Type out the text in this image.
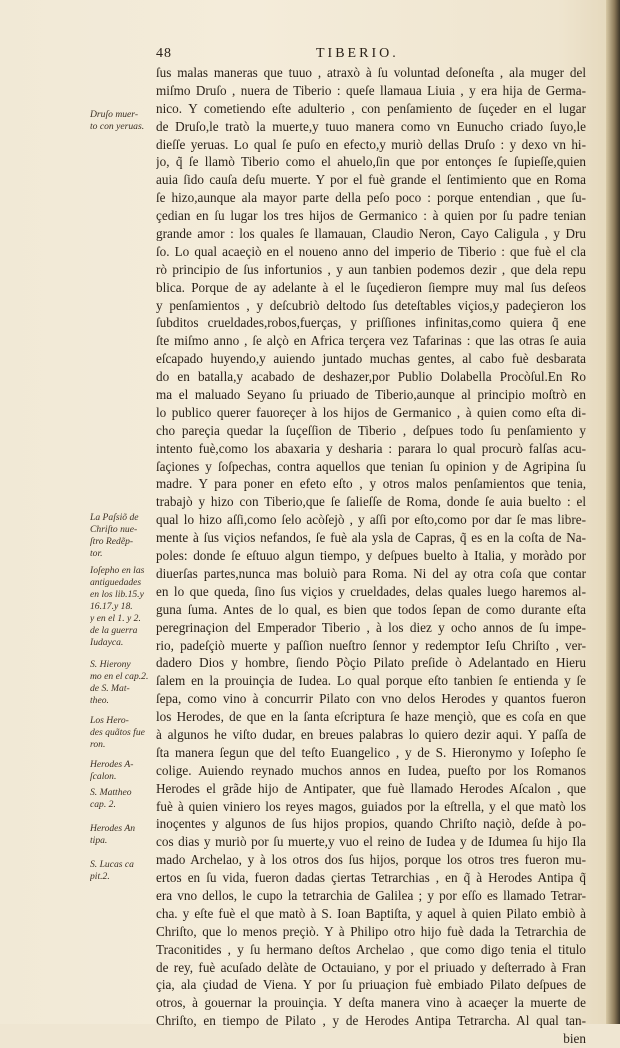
48	TIBERIO.
ſus malas maneras que tuuo , atraxò à ſu voluntad deſoneſta , ala muger del
miſmo Druſo , nuera de Tiberio : queſe llamaua Liuia , y era hija de Germa-
nico. Y cometiendo eſte adulterio , con penſamiento de ſuçeder en el lugar
de Druſo,le tratò la muerte,y tuuo manera como vn Eunucho criado ſuyo,le
dieſſe yeruas. Lo qual ſe puſo en efecto,y muriò dellas Druſo : y dexo vn hi-
jo, q̃ ſe llamò Tiberio como el ahuelo,ſin que por entonçes ſe ſupieſſe,quien
auia ſido cauſa deſu muerte. Y por el fuè grande el ſentimiento que en Roma
ſe hizo,aunque ala mayor parte della peſo poco : porque entendian , que ſu-
çedian en ſu lugar los tres hijos de Germanico : à quien por ſu padre tenian
grande amor : los quales ſe llamauan, Claudio Neron, Cayo Caligula , y Dru
ſo. Lo qual acaeçiò en el noueno anno del imperio de Tiberio : que fuè el cla
rò principio de ſus infortunios , y aun tanbien podemos dezir , que dela repu
blica. Porque de ay adelante à el le ſuçedieron ſiempre muy mal ſus deſeos
y penſamientos , y deſcubriò deltodo ſus deteſtables viçios,y padeçieron los
ſubditos crueldades,robos,fuerças, y priſſiones infinitas,como quiera q̃ ene
ſte miſmo anno , ſe alçò en Africa terçera vez Tafarinas : que las otras ſe auia
eſcapado huyendo,y auiendo juntado muchas gentes, al cabo fuè desbarata
do en batalla,y acabado de deshazer,por Publio Dolabella Procòſul.En Ro
ma el maluado Seyano ſu priuado de Tiberio,aunque al principio moſtrò en
lo publico querer fauoreçer à los hijos de Germanico , à quien como eſta di-
cho pareçia quedar la ſuçeſſion de Tiberio , deſpues todo ſu penſamiento y
intento fuè,como los abaxaria y desharia : parara lo qual procurò falſas acu-
ſaçiones y ſoſpechas, contra aquellos que tenian ſu opinion y de Agripina ſu
madre. Y para poner en efeto eſto , y otros malos penſamientos que tenia,
trabajò y hizo con Tiberio,que ſe ſalieſſe de Roma, donde ſe auia buelto : el
qual lo hizo aſſi,como ſelo acòſejò , y aſſi por eſto,como por dar ſe mas libre-
mente à ſus viçios nefandos, ſe fuè ala ysla de Capras, q̃ es en la coſta de Na-
poles: donde ſe eſtuuo algun tiempo, y deſpues buelto à Italia, y moràdo por
diuerſas partes,nunca mas boluiò para Roma. Ni del ay otra coſa que contar
en lo que queda, ſino ſus viçios y crueldades, delas quales luego haremos al-
guna ſuma. Antes de lo qual, es bien que todos ſepan de como durante eſta
peregrinaçion del Emperador Tiberio , à los diez y ocho annos de ſu impe-
rio, padeſçiò muerte y paſſion nueſtro ſennor y redemptor Ieſu Chriſto , ver-
dadero Dios y hombre, ſiendo Pòçio Pilato preſide ò Adelantado en Hieru
ſalem en la prouinçia de Iudea. Lo qual porque eſto tanbien ſe entienda y ſe
ſepa, como vino à concurrir Pilato con vno delos Herodes y quantos fueron
los Herodes, de que en la ſanta eſcriptura ſe haze mençiò, que es coſa en que
à algunos he viſto dudar, en breues palabras lo quiero dezir aqui. Y paſſa de
ſta manera ſegun que del teſto Euangelico , y de S. Hieronymo y Ioſepho ſe
colige. Auiendo reynado muchos annos en Iudea, pueſto por los Romanos
Herodes el grãde hijo de Antipater, que fuè llamado Herodes Aſcalon , que
fuè à quien viniero los reyes magos, guiados por la eſtrella, y el que matò los
inoçentes y algunos de ſus hijos propios, quando Chriſto naçiò, deſde à po-
cos dias y muriò por ſu muerte,y vuo el reino de Iudea y de Idumea ſu hijo Ila
mado Archelao, y à los otros dos ſus hijos, porque los otros tres fueron mu-
ertos en ſu vida, fueron dadas çiertas Tetrarchias , en q̃ à Herodes Antipa q̃
era vno dellos, le cupo la tetrarchia de Galilea ; y por eſſo es llamado Tetrar-
cha. y eſte fuè el que matò à S. Ioan Baptiſta, y aquel à quien Pilato embiò à
Chriſto, que lo menos preçiò. Y à Philipo otro hijo fuè dada la Tetrarchia de
Traconitides , y ſu hermano deſtos Archelao , que como digo tenia el titulo
de rey, fuè acuſado delàte de Octauiano, y por el priuado y deſterrado à Fran
çia, ala çiudad de Viena. Y por ſu priuaçion fuè embiado Pilato deſpues de
otros, à gouernar la prouinçia. Y deſta manera vino à acaeçer la muerte de
Chriſto, en tiempo de Pilato , y de Herodes Antipa Tetrarcha. Al qual tan-
bien
Druſo muer-
to con yeruas.
La Paſsiõ de
Chriſto nue-
ſtro Redẽp-
tor.
Ioſepho en las
antiguedades
en los lib.15.y
16.17.y 18.
y en el 1. y 2.
de la guerra
Iudayca.
S. Hierony
mo en el cap.2.
de S. Mat-
theo.
Los Hero-
des quãtos fue
ron.
Herodes A-
ſcalon.
S. Mattheo
cap. 2.
Herodes An
tipa.
S. Lucas ca
pit.2.
